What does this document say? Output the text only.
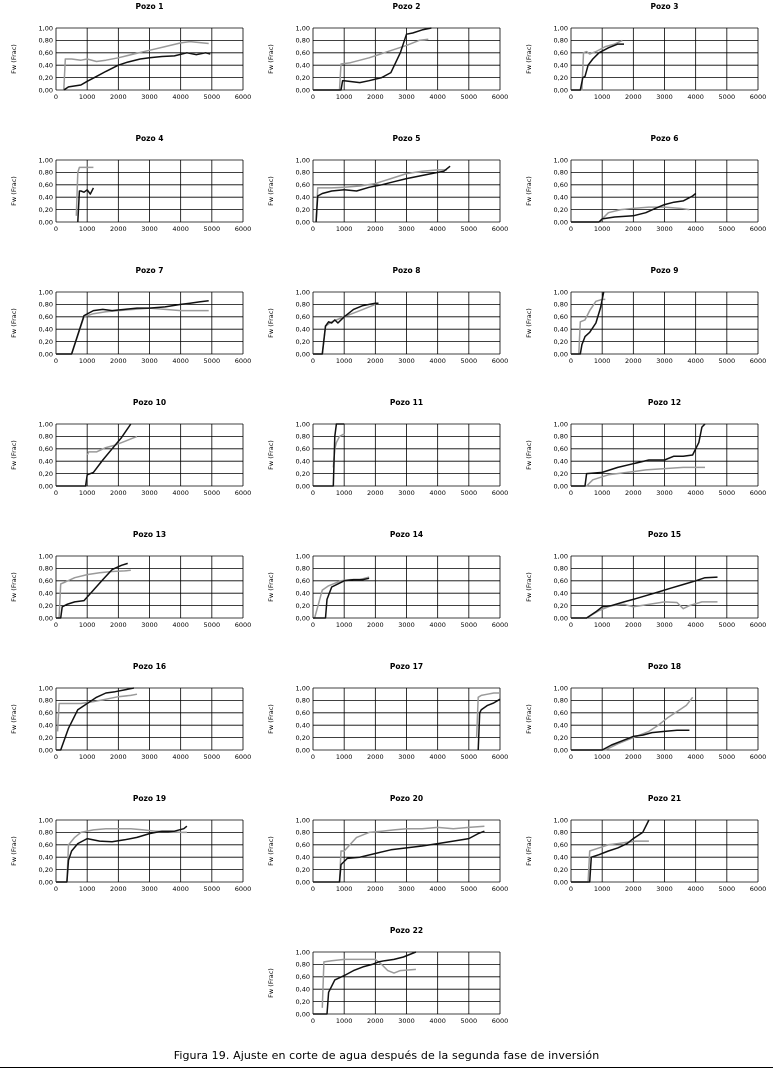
Pozo 1
Fw (Frac)
0,00
0,20
0,40
0,60
0,80
1,00
0	1000 2000 3000 4000 5000 6000
Pozo 2
Fw (Frac)
0,00
0,20
0,40
0,60
0,80
1,00
0	1000 2000 3000 4000 5000 6000
Pozo 3
Fw (Frac)
0,00
0,20
0,40
0,60
0,80
1,00
0	1000 2000 3000 4000 5000 6000
Pozo 4
Fw (Frac)
0,00
0,20
0,40
0,60
0,80
1,00
0	1000 2000 3000 4000 5000 6000
Pozo 5
Fw (Frac)
0,00
0,20
0,40
0,60
0,80
1,00
0	1000 2000 3000 4000 5000 6000
Pozo 6
Fw (Frac)
0,00
0,20
0,40
0,60
0,80
1,00
0	1000 2000 3000 4000 5000 6000
Pozo 7
Fw (Frac)
0,00
0,20
0,40
0,60
0,80
1,00
0	1000 2000 3000 4000 5000 6000
Pozo 8
Fw (Frac)
0,00
0,20
0,40
0,60
0,80
1,00
0	1000 2000 3000 4000 5000 6000
Pozo 9
Fw (Frac)
0,00
0,20
0,40
0,60
0,80
1,00
0	1000 2000 3000 4000 5000 6000
Pozo 10
Fw (Frac)
0,00
0,20
0,40
0,60
0,80
1,00
0	1000 2000 3000 4000 5000 6000
Pozo 11
Fw (Frac)
0,00
0,20
0,40
0,60
0,80
1,00
0	1000 2000 3000 4000 5000 6000
Pozo 12
Fw (Frac)
0,00
0,20
0,40
0,60
0,80
1,00
0	1000 2000 3000 4000 5000 6000
Pozo 13
Fw (Frac)
0,00
0,20
0,40
0,60
0,80
1,00
0	1000 2000 3000 4000 5000 6000
Pozo 14
Fw (Frac)
0,00
0,20
0,40
0,60
0,80
1,00
0	1000 2000 3000 4000 5000 6000
Pozo 15
Fw (Frac)
0,00
0,20
0,40
0,60
0,80
1,00
0	1000 2000 3000 4000 5000 6000
Pozo 16
Fw (Frac)
0,00
0,20
0,40
0,60
0,80
1,00
0	1000 2000 3000 4000 5000 6000
Pozo 17
Fw (Frac)
0,00
0,20
0,40
0,60
0,80
1,00
0	1000 2000 3000 4000 5000 6000
Pozo 18
Fw (Frac)
0,00
0,20
0,40
0,60
0,80
1,00
0	1000 2000 3000 4000 5000 6000
Pozo 19
Fw (Frac)
0,00
0,20
0,40
0,60
0,80
1,00
0	1000 2000 3000 4000 5000 6000
Pozo 20
Fw (Frac)
0,00
0,20
0,40
0,60
0,80
1,00
0	1000 2000 3000 4000 5000 6000
Pozo 21
Fw (Frac)
0,00
0,20
0,40
0,60
0,80
1,00
0	1000 2000 3000 4000 5000 6000
Pozo 22
Fw (Frac)
0,00
0,20
0,40
0,60
0,80
1,00
0	1000 2000 3000 4000 5000 6000
Figura 19. Ajuste en corte de agua después de la segunda fase de inversión
